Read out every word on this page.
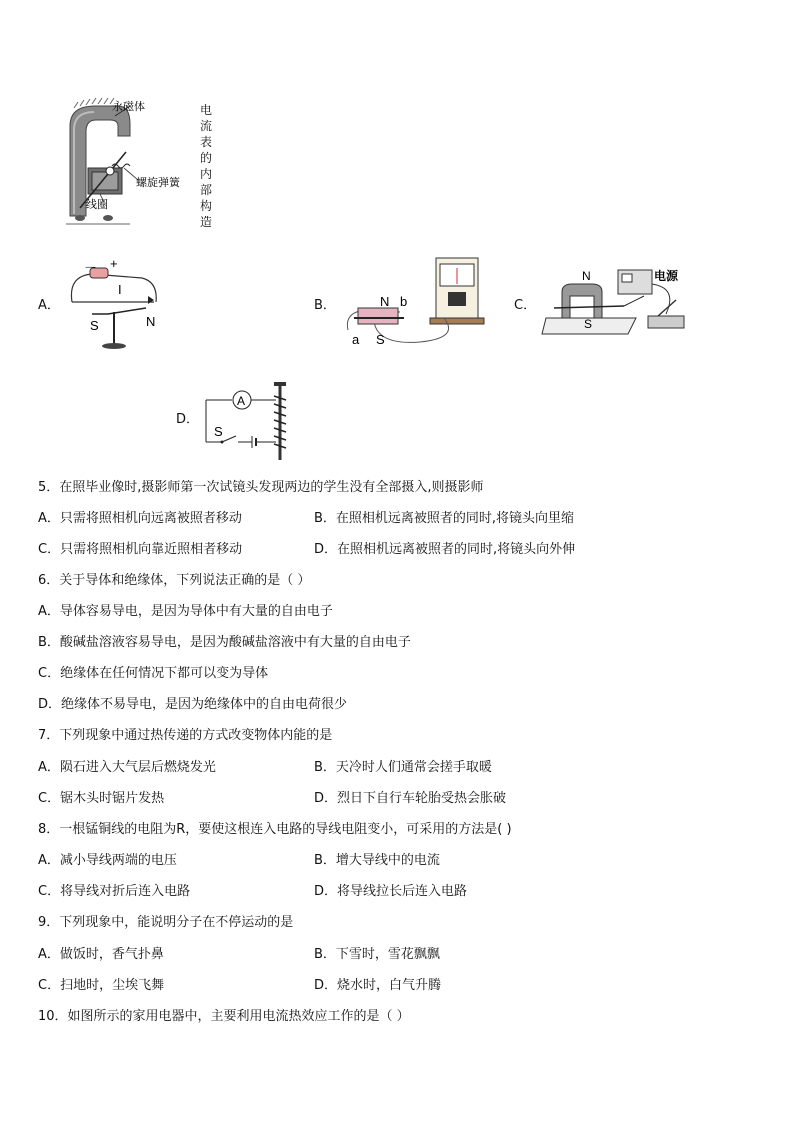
永磁体
螺旋弹簧
线圈
电
流
表
的
内
部
构
造
A．
－ +
I
S	N
B．	N b
a S
C．
N
S
电源
D．
A
S
5．在照毕业像时,摄影师第一次试镜头发现两边的学生没有全部摄入,则摄影师
A．只需将照相机向远离被照者移动	B．在照相机远离被照者的同时,将镜头向里缩
C．只需将照相机向靠近照相者移动	D．在照相机远离被照者的同时,将镜头向外伸
6．关于导体和绝缘体，下列说法正确的是（ ）
A．导体容易导电，是因为导体中有大量的自由电子
B．酸碱盐溶液容易导电，是因为酸碱盐溶液中有大量的自由电子
C．绝缘体在任何情况下都可以变为导体
D．绝缘体不易导电，是因为绝缘体中的自由电荷很少
7．下列现象中通过热传递的方式改变物体内能的是
A．陨石进入大气层后燃烧发光	B．天冷时人们通常会搓手取暖
C．锯木头时锯片发热	D．烈日下自行车轮胎受热会胀破
8．一根锰铜线的电阻为R，要使这根连入电路的导线电阻变小，可采用的方法是( )
A．减小导线两端的电压	B．增大导线中的电流
C．将导线对折后连入电路	D．将导线拉长后连入电路
9．下列现象中，能说明分子在不停运动的是
A．做饭时，香气扑鼻	B．下雪时，雪花飘飘
C．扫地时，尘埃飞舞	D．烧水时，白气升腾
10．如图所示的家用电器中，主要利用电流热效应工作的是（ ）
